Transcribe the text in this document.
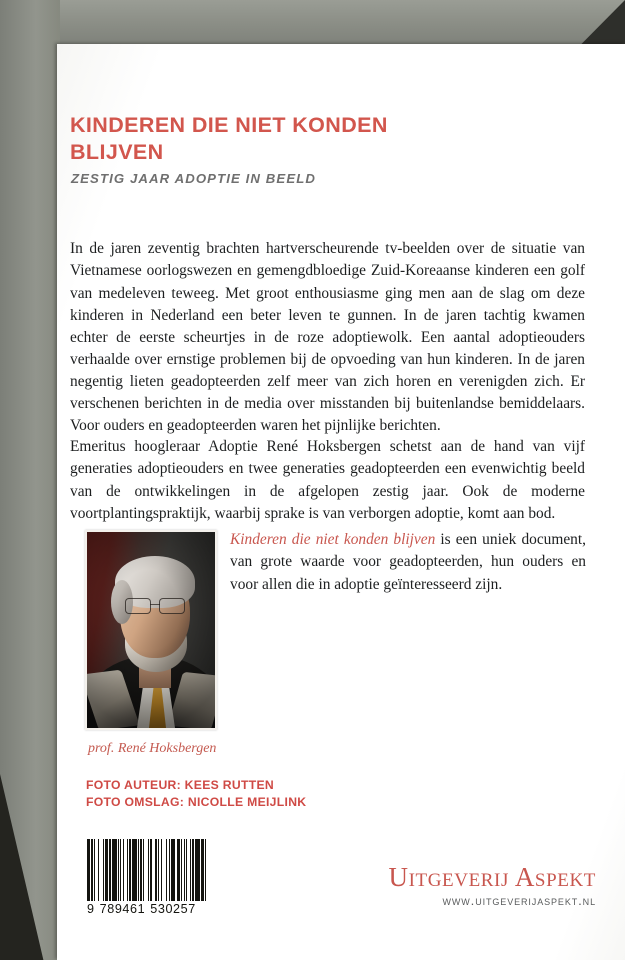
KINDEREN DIE NIET KONDEN
BLIJVEN
ZESTIG JAAR ADOPTIE IN BEELD

In de jaren zeventig brachten hartverscheurende tv-beelden over de situatie van Vietnamese oorlogswezen en gemengdbloedige Zuid-Koreaanse kinderen een golf van medeleven teweeg. Met groot enthousiasme ging men aan de slag om deze kinderen in Nederland een beter leven te gunnen. In de jaren tachtig kwamen echter de eerste scheurtjes in de roze adoptiewolk. Een aantal adoptieouders verhaalde over ernstige problemen bij de opvoeding van hun kinderen. In de jaren negentig lieten geadopteerden zelf meer van zich horen en verenigden zich. Er verschenen berichten in de media over misstanden bij buitenlandse bemiddelaars. Voor ouders en geadopteerden waren het pijnlijke berichten.

Emeritus hoogleraar Adoptie René Hoksbergen schetst aan de hand van vijf generaties adoptieouders en twee generaties geadopteerden een evenwichtig beeld van de ontwikkelingen in de afgelopen zestig jaar. Ook de moderne voortplantingspraktijk, waarbij sprake is van verborgen adoptie, komt aan bod.

Kinderen die niet konden blijven is een uniek document, van grote waarde voor geadopteerden, hun ouders en voor allen die in adoptie geïnteresseerd zijn.

prof. René Hoksbergen
FOTO AUTEUR: KEES RUTTEN
FOTO OMSLAG: NICOLLE MEIJLINK
9 789461 530257
Uitgeverij Aspekt
www.uitgeverijaspekt.nl
